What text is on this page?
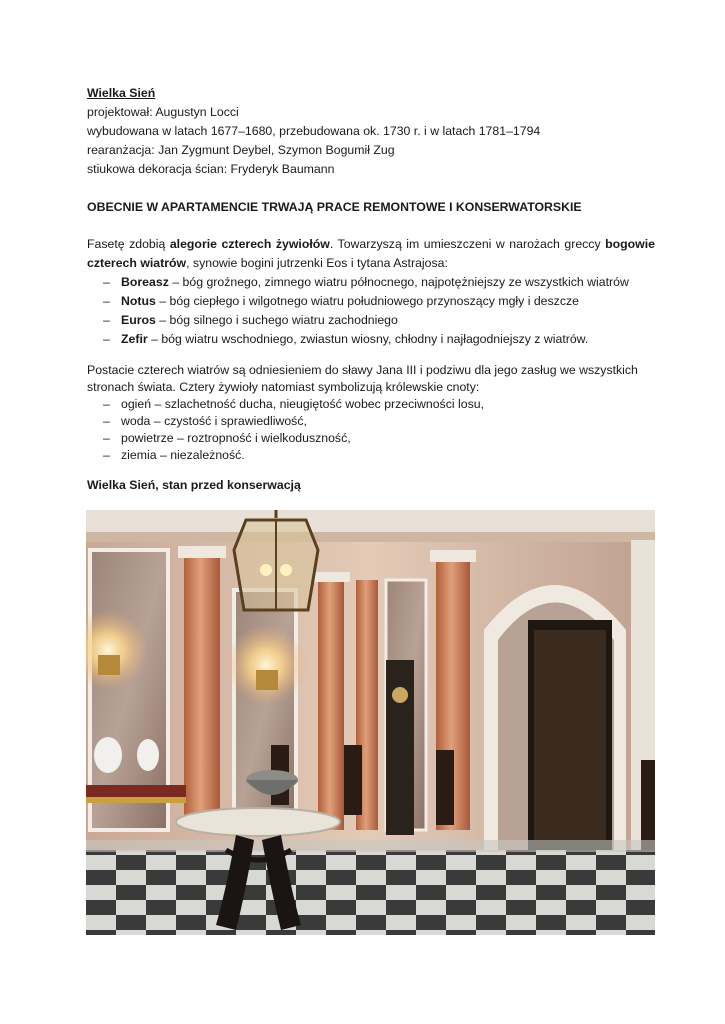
Wielka Sień
projektował: Augustyn Locci
wybudowana w latach 1677–1680, przebudowana ok. 1730 r. i w latach 1781–1794
rearanżacja: Jan Zygmunt Deybel, Szymon Bogumił Zug
stiukowa dekoracja ścian: Fryderyk Baumann
OBECNIE W APARTAMENCIE TRWAJĄ PRACE REMONTOWE I KONSERWATORSKIE
Fasetę zdobią alegorie czterech żywiołów. Towarzyszą im umieszczeni w narożach greccy bogowie
czterech wiatrów, synowie bogini jutrzenki Eos i tytana Astrajosa:
– Boreasz – bóg groźnego, zimnego wiatru północnego, najpotężniejszy ze wszystkich wiatrów
– Notus – bóg ciepłego i wilgotnego wiatru południowego przynoszący mgły i deszcze
– Euros – bóg silnego i suchego wiatru zachodniego
– Zefir – bóg wiatru wschodniego, zwiastun wiosny, chłodny i najłagodniejszy z wiatrów.
Postacie czterech wiatrów są odniesieniem do sławy Jana III i podziwu dla jego zasług we wszystkich
stronach świata. Cztery żywioły natomiast symbolizują królewskie cnoty:
– ogień – szlachetność ducha, nieugiętość wobec przeciwności losu,
– woda – czystość i sprawiedliwość,
– powietrze – roztropność i wielkoduszność,
– ziemia – niezależność.
Wielka Sień, stan przed konserwacją
